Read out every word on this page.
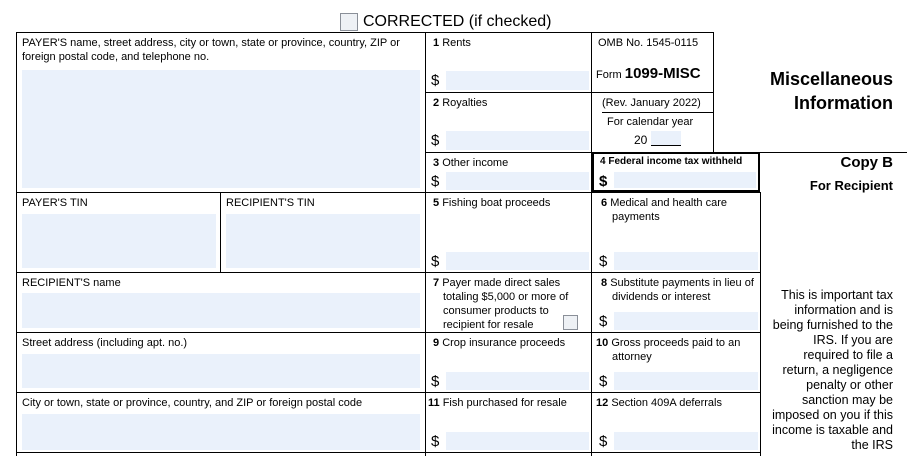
CORRECTED (if checked)
PAYER'S name, street address, city or town, state or province, country, ZIP or foreign postal code, and telephone no.
PAYER'S TIN	RECIPIENT'S TIN
RECIPIENT'S name
Street address (including apt. no.)
City or town, state or province, country, and ZIP or foreign postal code
1 Rents
$
2 Royalties
$
3 Other income
$
OMB No. 1545-0115
Form 1099-MISC
(Rev. January 2022)
For calendar year
20
4 Federal income tax withheld
$
Miscellaneous
Information
Copy B
For Recipient
5 Fishing boat proceeds
$
6 Medical and health care payments
$
7 Payer made direct sales totaling $5,000 or more of consumer products to recipient for resale
8 Substitute payments in lieu of dividends or interest
$
9 Crop insurance proceeds
$
10 Gross proceeds paid to an attorney
$
11 Fish purchased for resale
$
12 Section 409A deferrals
$
This is important tax information and is being furnished to the IRS. If you are required to file a return, a negligence penalty or other sanction may be imposed on you if this income is taxable and the IRS
